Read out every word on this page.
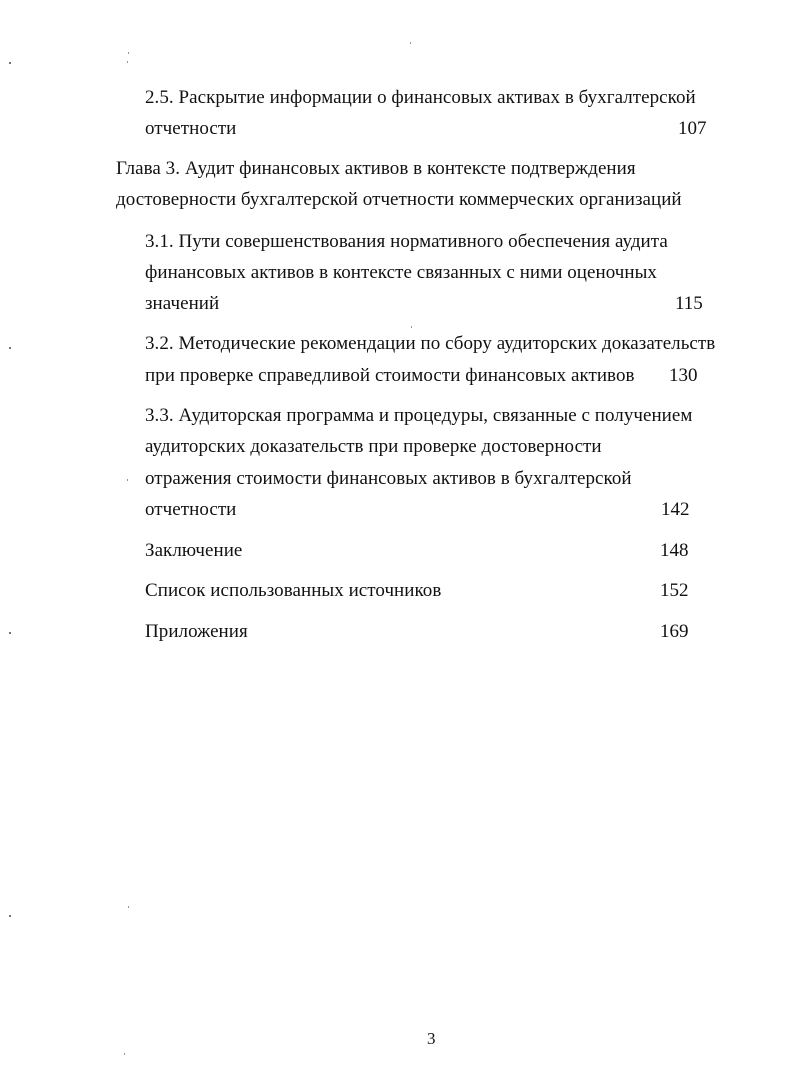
2.5. Раскрытие информации о финансовых активах в бухгалтерской
отчетности	107
Глава 3. Аудит финансовых активов в контексте подтверждения
достоверности бухгалтерской отчетности коммерческих организаций
3.1. Пути совершенствования нормативного обеспечения аудита
финансовых активов в контексте связанных с ними оценочных
значений	115
3.2. Методические рекомендации по сбору аудиторских доказательств
при проверке справедливой стоимости финансовых активов 130
3.3. Аудиторская программа и процедуры, связанные с получением
аудиторских доказательств при проверке достоверности
отражения стоимости финансовых активов в бухгалтерской
отчетности	142
Заключение	148
Список использованных источников	152
Приложения	169
3
